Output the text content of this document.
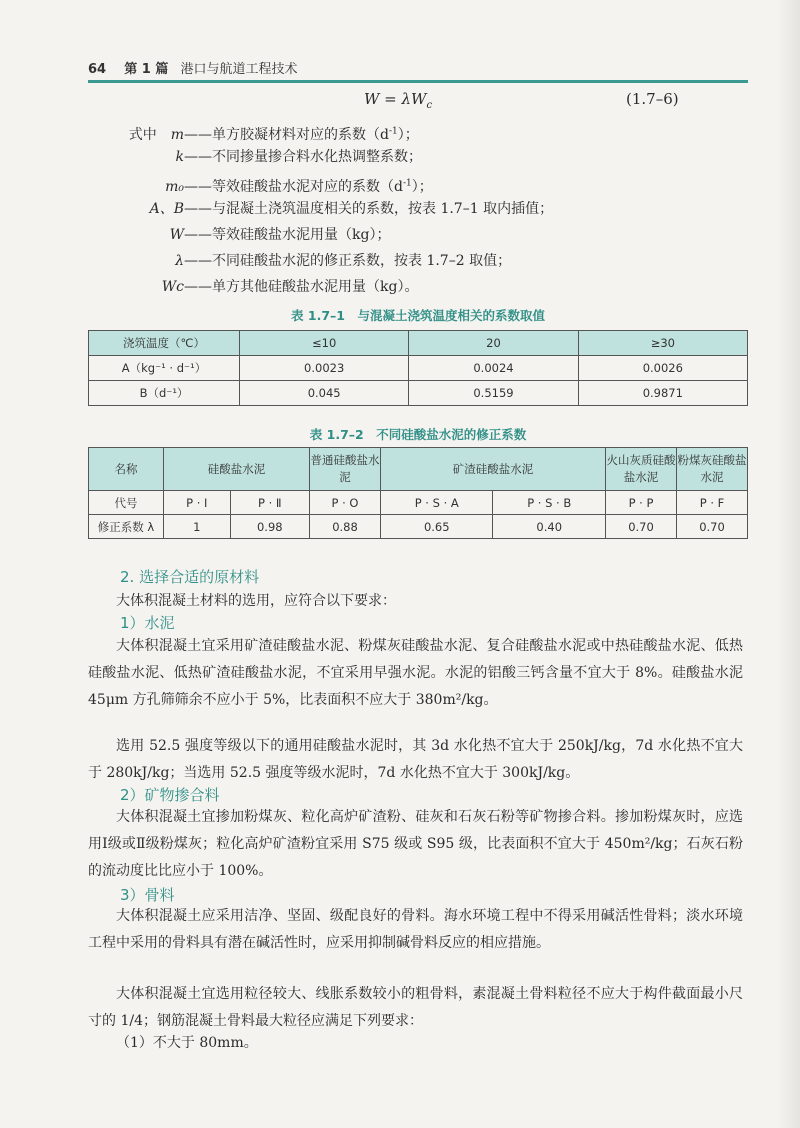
64 第 1 篇 港口与航道工程技术
$W = \lambda W_c$	(1.7–6)
式中  m——单方胶凝材料对应的系数$(d^{-1})$；
k——不同掺量掺合料水化热调整系数；
m₀——等效硅酸盐水泥对应的系数$(d^{-1})$；
A、B——与混凝土浇筑温度相关的系数，按表 1.7–1 取内插值；
W——等效硅酸盐水泥用量（kg）；
λ——不同硅酸盐水泥的修正系数，按表 1.7–2 取值；
Wc——单方其他硅酸盐水泥用量（kg）。
表 1.7–1　与混凝土浇筑温度相关的系数取值
浇筑温度（℃）	≤10	20	≥30
A（kg⁻¹ · d⁻¹）	0.0023	0.0024	0.0026
B（d⁻¹）	0.045	0.5159	0.9871
表 1.7–2　不同硅酸盐水泥的修正系数
名称	硅酸盐水泥		普通硅酸盐水泥	矿渣硅酸盐水泥		火山灰质硅酸盐水泥	粉煤灰硅酸盐水泥
代号	P · Ⅰ	P · Ⅱ	P · O	P · S · A	P · S · B	P · P	P · F
修正系数 λ	1	0.98	0.88	0.65	0.40	0.70	0.70
2. 选择合适的原材料
大体积混凝土材料的选用，应符合以下要求：
1）水泥
大体积混凝土宜采用矿渣硅酸盐水泥、粉煤灰硅酸盐水泥、复合硅酸盐水泥或中热硅酸盐水泥、低热硅酸盐水泥、低热矿渣硅酸盐水泥，不宜采用早强水泥。水泥的铝酸三钙含量不宜大于 8%。硅酸盐水泥 45μm 方孔筛筛余不应小于 5%，比表面积不应大于 380m²/kg。
选用 52.5 强度等级以下的通用硅酸盐水泥时，其 3d 水化热不宜大于 250kJ/kg，7d 水化热不宜大于 280kJ/kg；当选用 52.5 强度等级水泥时，7d 水化热不宜大于 300kJ/kg。
2）矿物掺合料
大体积混凝土宜掺加粉煤灰、粒化高炉矿渣粉、硅灰和石灰石粉等矿物掺合料。掺加粉煤灰时，应选用Ⅰ级或Ⅱ级粉煤灰；粒化高炉矿渣粉宜采用 S75 级或 S95 级，比表面积不宜大于 450m²/kg；石灰石粉的流动度比比应小于 100%。
3）骨料
大体积混凝土应采用洁净、坚固、级配良好的骨料。海水环境工程中不得采用碱活性骨料；淡水环境工程中采用的骨料具有潜在碱活性时，应采用抑制碱骨料反应的相应措施。
大体积混凝土宜选用粒径较大、线胀系数较小的粗骨料，素混凝土骨料粒径不应大于构件截面最小尺寸的 1/4；钢筋混凝土骨料最大粒径应满足下列要求：
（1）不大于 80mm。
